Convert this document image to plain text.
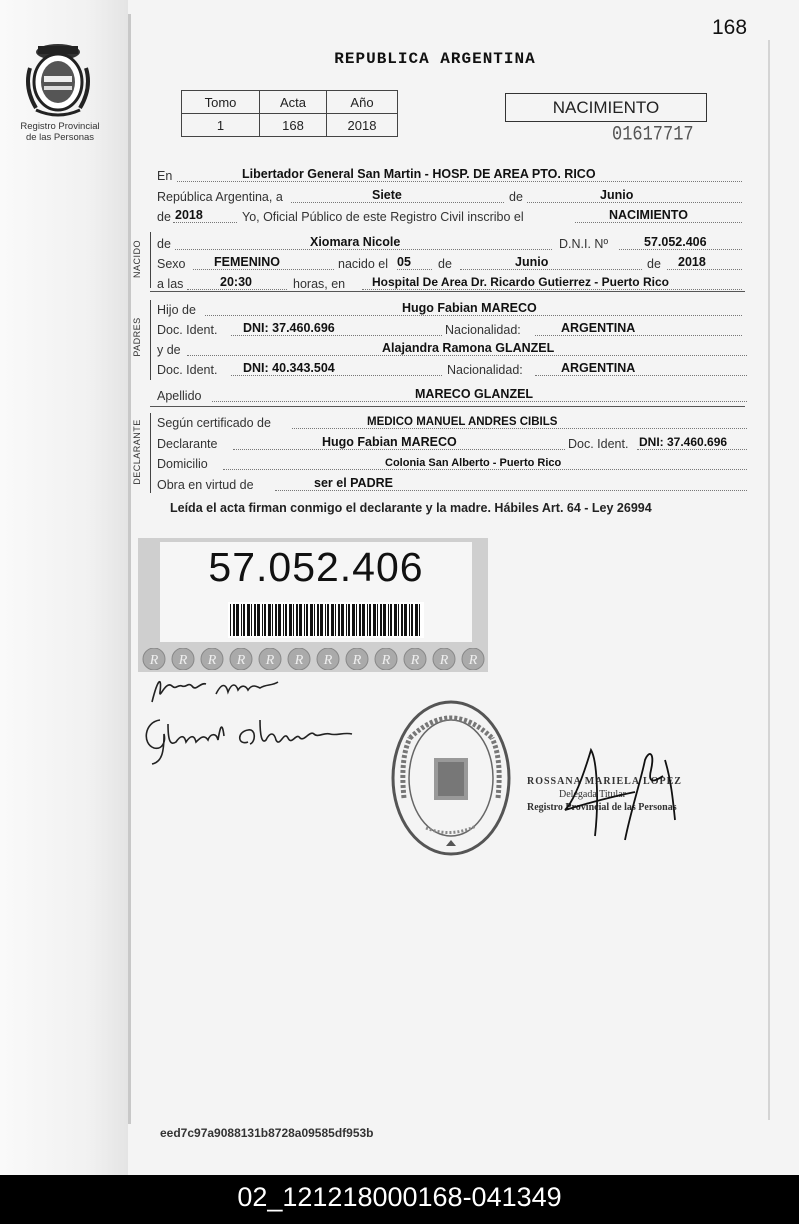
168
Registro Provincial
de las Personas
REPUBLICA ARGENTINA
Tomo	Acta	Año
1	168	2018
NACIMIENTO
01617717
En	Libertador General San Martin - HOSP. DE AREA PTO. RICO
República Argentina, a	Siete	de	Junio
de 2018	Yo, Oficial Público de este Registro Civil inscribo el	NACIMIENTO
NACIDO de	Xiomara Nicole	D.N.I. Nº	57.052.406
Sexo FEMENINO	nacido el 05 de	Junio	de 2018
a las	20:30	horas, en Hospital De Area Dr. Ricardo Gutierrez - Puerto Rico
PADRES
Hijo de	Hugo Fabian MARECO
Doc. Ident. DNI: 37.460.696	Nacionalidad:	ARGENTINA
y de	Alajandra Ramona GLANZEL
Doc. Ident. DNI: 40.343.504	Nacionalidad:	ARGENTINA
Apellido	MARECO GLANZEL
DECLARANTE Según certificado de	MEDICO MANUEL ANDRES CIBILS
Declarante	Hugo Fabian MARECO	Doc. Ident. DNI: 37.460.696
Domicilio	Colonia San Alberto - Puerto Rico
Obra en virtud de	ser el PADRE
Leída el acta firman conmigo el declarante y la madre. Hábiles Art. 64 - Ley 26994
57.052.406
R R R R R R R R R R R R
ROSSANA MARIELA LOPEZ
Delegada Titular
Registro Provincial de las Personas
eed7c97a9088131b8728a09585df953b
02_121218000168-041349
